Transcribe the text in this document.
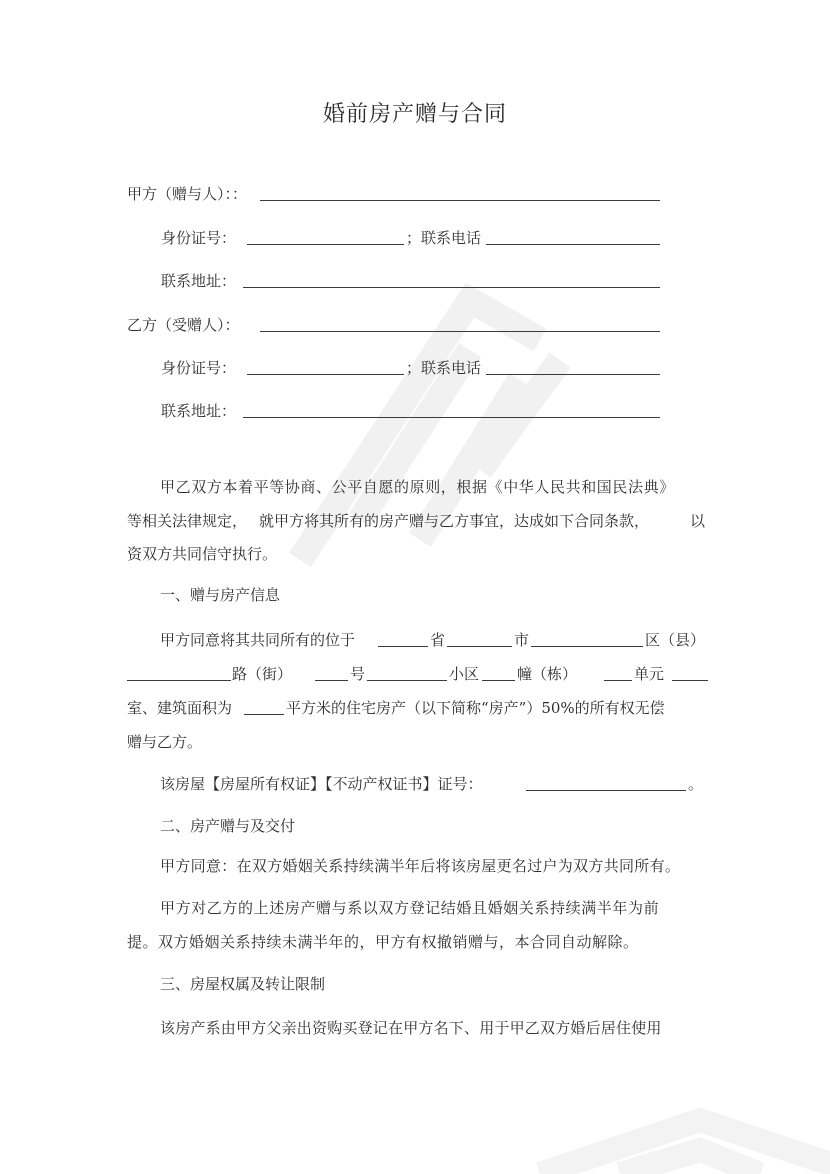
婚前房产赠与合同
甲方（赠与人）：：
身份证号：	；联系电话
联系地址：
乙方（受赠人）：
身份证号：	；联系电话
联系地址：
甲乙双方本着平等协商、公平自愿的原则，根据《中华人民共和国民法典》
等相关法律规定， 就甲方将其所有的房产赠与乙方事宜， 达成如下合同条款，	以
资双方共同信守执行。
一、赠与房产信息
甲方同意将其共同所有的位于	省	市	区（县）
路（街）	号	小区	幢（栋）	单元
室、建筑面积为	平方米的住宅房产（以下简称“房产”）50%的所有权无偿
赠与乙方。
该房屋【房屋所有权证】【不动产权证书】证号：	。
二、房产赠与及交付
甲方同意：在双方婚姻关系持续满半年后将该房屋更名过户为双方共同所有。
甲方对乙方的上述房产赠与系以双方登记结婚且婚姻关系持续满半年为前
提。双方婚姻关系持续未满半年的，甲方有权撤销赠与，本合同自动解除。
三、房屋权属及转让限制
该房产系由甲方父亲出资购买登记在甲方名下、用于甲乙双方婚后居住使用
